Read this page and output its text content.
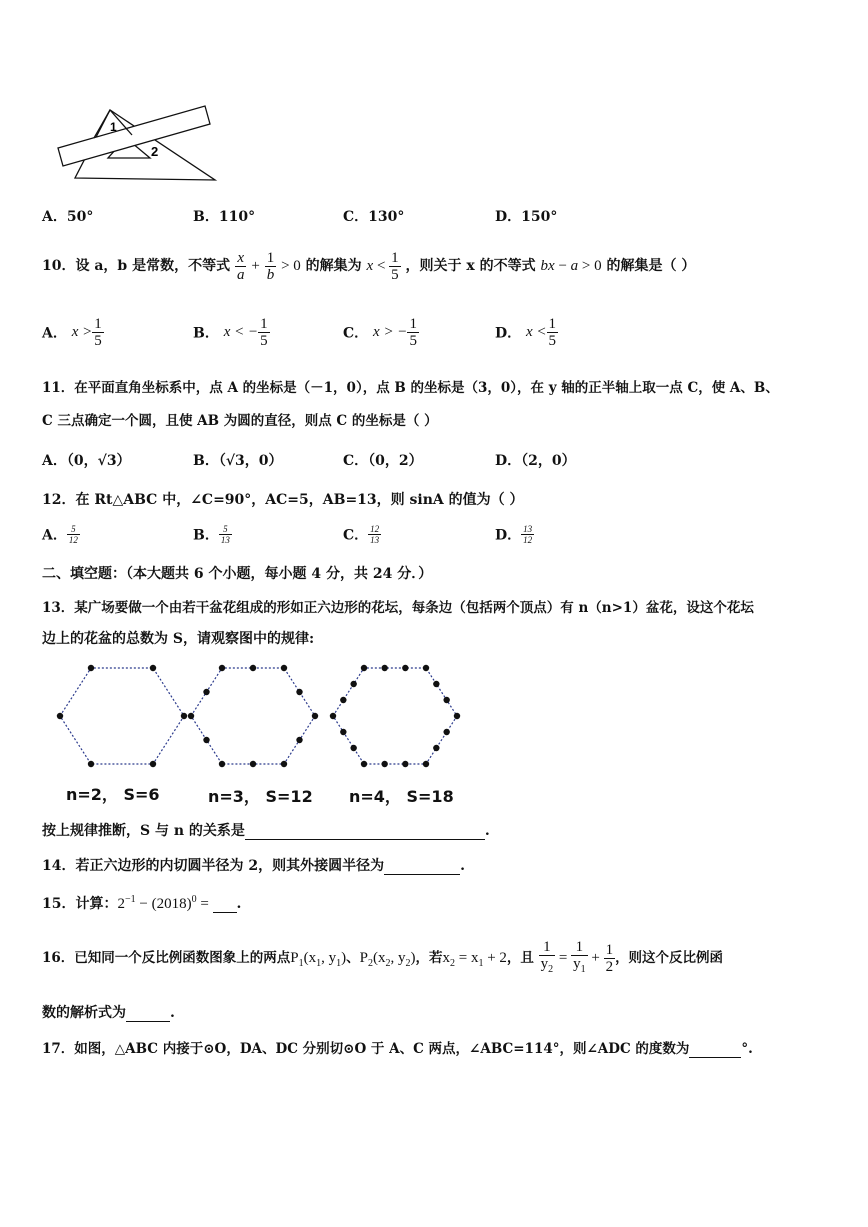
1
2
A．50°	B．110°	C．130°	D．150°
10．设 a，b 是常数，不等式 $\frac{x}{a} + \frac{1}{b} > 0$ 的解集为 $x < \frac{1}{5}$ ，则关于 x 的不等式 bx − a > 0 的解集是（ ）
A． $x > \frac{1}{5}$	B． x < − $\frac{1}{5}$	C． x > − $\frac{1}{5}$	D． $x < \frac{1}{5}$
11．在平面直角坐标系中，点 A 的坐标是（－1，0），点 B 的坐标是（3，0），在 y 轴的正半轴上取一点 C，使 A、B、
C 三点确定一个圆，且使 AB 为圆的直径，则点 C 的坐标是（ ）
A．（0，√3）	B．（√3，0）	C．（0，2）	D．（2，0）
12．在 Rt△ABC 中，∠C=90°，AC=5，AB=13，则 sinA 的值为（ ）
A． $\frac{5}{12}$	B． $\frac{5}{13}$	C． $\frac{12}{13}$	D． $\frac{13}{12}$
二、填空题：（本大题共 6 个小题，每小题 4 分，共 24 分．）
13．某广场要做一个由若干盆花组成的形如正六边形的花坛，每条边（包括两个顶点）有 n（n>1）盆花，设这个花坛
边上的花盆的总数为 S，请观察图中的规律:
n=2， S=6	n=3， S=12 n=4， S=18
按上规律推断，S 与 n 的关系是	.
14．若正六边形的内切圆半径为 2，则其外接圆半径为	.
15．计算：$2^{-1} - (2018)^0$ =  .
16．已知同一个反比例函数图象上的两点$P_1(x_1$, $y_1$)、$P_2(x_2$, $y_2$)，若$x_2 = x_1 + 2$，且 $\frac{1}{y_2} = \frac{1}{y_1} + \frac{1}{2}$ ，则这个反比例函
数的解析式为	.
17．如图，△ABC 内接于⊙O，DA、DC 分别切⊙O 于 A、C 两点，∠ABC=114°，则∠ADC 的度数为	°.
